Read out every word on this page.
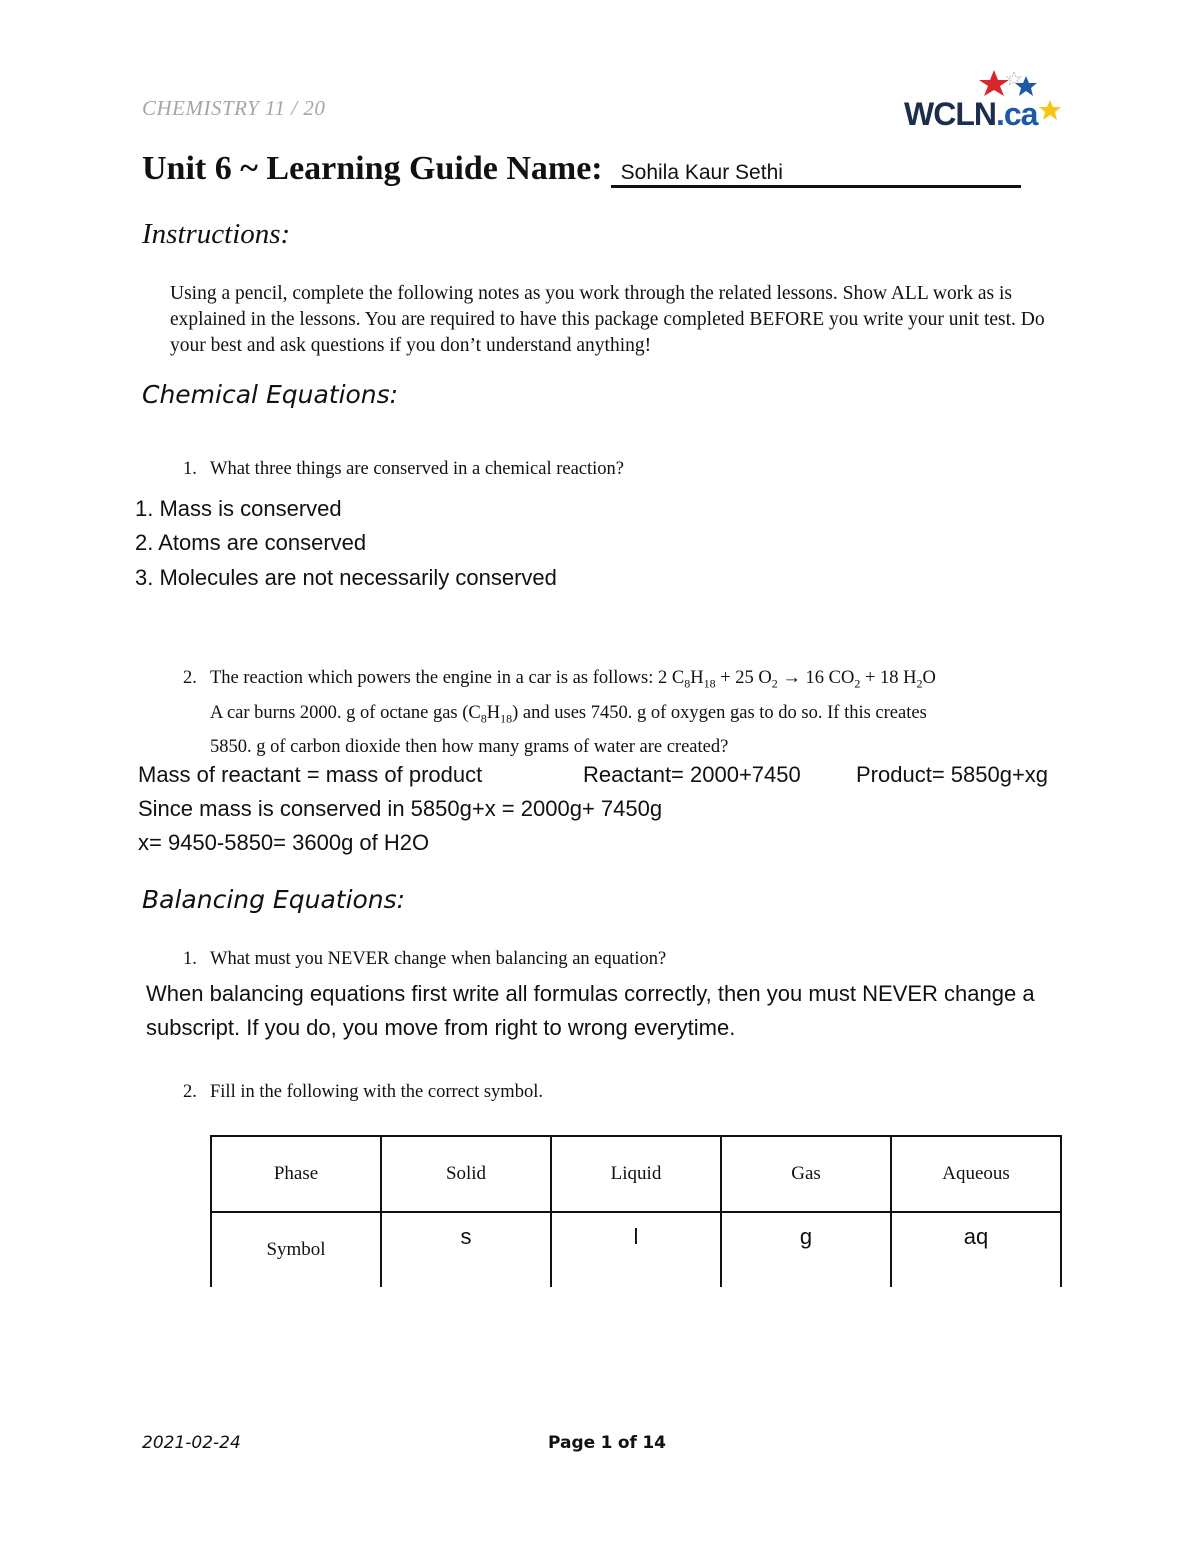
CHEMISTRY 11 / 20	WCLN.ca
Unit 6 ~ Learning Guide Name: Sohila Kaur Sethi
Instructions:
Using a pencil, complete the following notes as you work through the related lessons. Show ALL work as is explained in the lessons. You are required to have this package completed BEFORE you write your unit test. Do your best and ask questions if you don’t understand anything!
Chemical Equations:
1. What three things are conserved in a chemical reaction?
1. Mass is conserved
2. Atoms are conserved
3. Molecules are not necessarily conserved
2. The reaction which powers the engine in a car is as follows: 2 $C_8H_{18} + 25$ $O_2 \to 16$ $CO_2 + 18$ $H_2O$
A car burns 2000. g of octane gas $(C_8H_{18})$ and uses 7450. g of oxygen gas to do so. If this creates
5850. g of carbon dioxide then how many grams of water are created?
Mass of reactant = mass of product	Reactant= 2000+7450	Product= 5850g+xg
Since mass is conserved in 5850g+x = 2000g+ 7450g
x= 9450-5850= 3600g of H2O
Balancing Equations:
1. What must you NEVER change when balancing an equation?
When balancing equations first write all formulas correctly, then you must NEVER change a
subscript. If you do, you move from right to wrong everytime.
2. Fill in the following with the correct symbol.
Phase	Solid	Liquid	Gas	Aqueous
Symbol	s	l	g	aq
2021-02-24	Page 1 of 14
